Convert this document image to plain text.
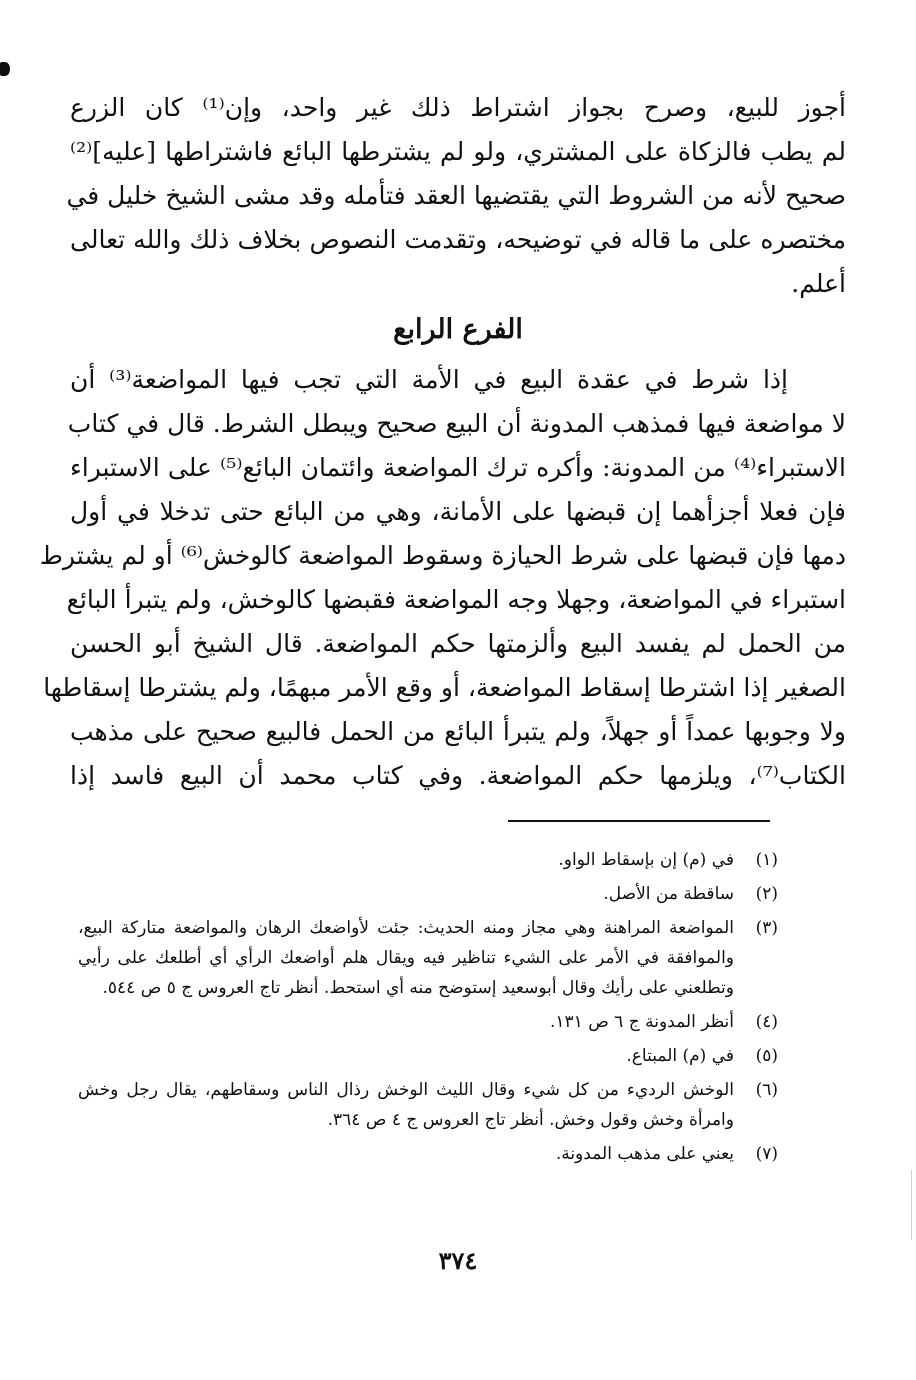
أجوز للبيع، وصرح بجواز اشتراط ذلك غير واحد، وإن⁽¹⁾ كان الزرع
لم يطب فالزكاة على المشتري، ولو لم يشترطها البائع فاشتراطها [عليه]⁽²⁾
صحيح لأنه من الشروط التي يقتضيها العقد فتأمله وقد مشى الشيخ خليل في
مختصره على ما قاله في توضيحه، وتقدمت النصوص بخلاف ذلك والله تعالى
أعلم.
الفرع الرابع
إذا شرط في عقدة البيع في الأمة التي تجب فيها المواضعة⁽³⁾ أن
لا مواضعة فيها فمذهب المدونة أن البيع صحيح ويبطل الشرط. قال في كتاب
الاستبراء⁽⁴⁾ من المدونة: وأكره ترك المواضعة وائتمان البائع⁽⁵⁾ على الاستبراء
فإن فعلا أجزأهما إن قبضها على الأمانة، وهي من البائع حتى تدخلا في أول
دمها فإن قبضها على شرط الحيازة وسقوط المواضعة كالوخش⁽⁶⁾ أو لم يشترط
استبراء في المواضعة، وجهلا وجه المواضعة فقبضها كالوخش، ولم يتبرأ البائع
من الحمل لم يفسد البيع وألزمتها حكم المواضعة. قال الشيخ أبو الحسن
الصغير إذا اشترطا إسقاط المواضعة، أو وقع الأمر مبهمًا، ولم يشترطا إسقاطها
ولا وجوبها عمداً أو جهلاً، ولم يتبرأ البائع من الحمل فالبيع صحيح على مذهب
الكتاب⁽⁷⁾، ويلزمها حكم المواضعة. وفي كتاب محمد أن البيع فاسد إذا
(١)
في (م) إن بإسقاط الواو.
(٢)
ساقطة من الأصل.
(٣)
المواضعة المراهنة وهي مجاز ومنه الحديث: جئت لأواضعك الرهان والمواضعة متاركة البيع، والموافقة في الأمر على الشيء تناظير فيه ويقال هلم أواضعك الرأي أي أطلعك على رأيي وتطلعني على رأيك وقال أبوسعيد إستوضح منه أي استحط. أنظر تاج العروس ج ٥ ص ٥٤٤.
(٤)
أنظر المدونة ج ٦ ص ١٣١.
(٥)
في (م) المبتاع.
(٦)
الوخش الرديء من كل شيء وقال الليث الوخش رذال الناس وسقاطهم، يقال رجل وخش وامرأة وخش وقول وخش. أنظر تاج العروس ج ٤ ص ٣٦٤.
(٧)
يعني على مذهب المدونة.
٣٧٤
